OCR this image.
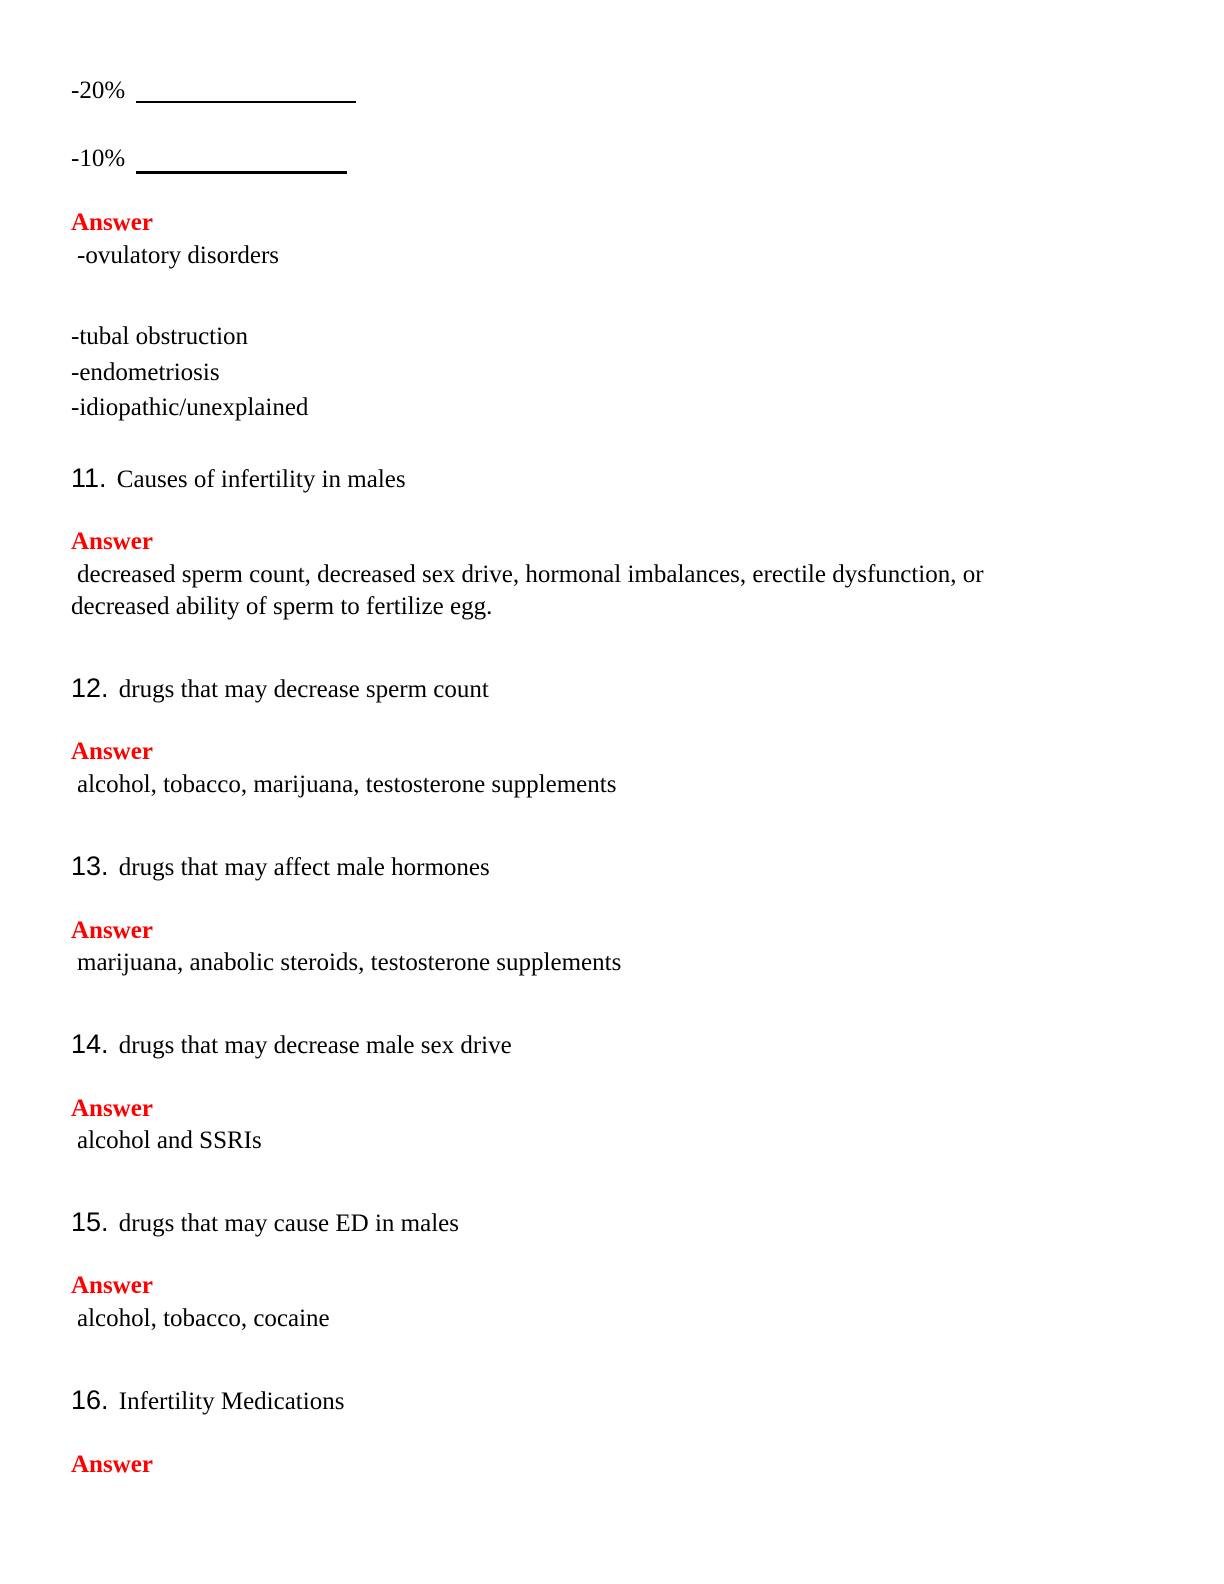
-20%
-10%
Answer
-ovulatory disorders
-tubal obstruction
-endometriosis
-idiopathic/unexplained
11. Causes of infertility in males
Answer
decreased sperm count, decreased sex drive, hormonal imbalances, erectile dysfunction, or
decreased ability of sperm to fertilize egg.
12. drugs that may decrease sperm count
Answer
alcohol, tobacco, marijuana, testosterone supplements
13. drugs that may affect male hormones
Answer
marijuana, anabolic steroids, testosterone supplements
14. drugs that may decrease male sex drive
Answer
alcohol and SSRIs
15. drugs that may cause ED in males
Answer
alcohol, tobacco, cocaine
16. Infertility Medications
Answer
